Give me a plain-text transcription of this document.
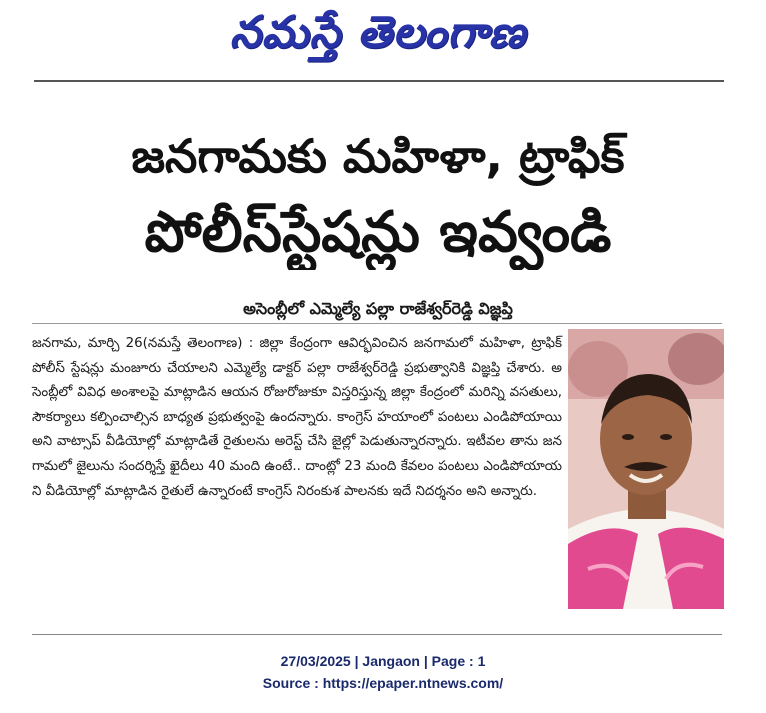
నమస్తే తెలంగాణ
జనగామకు మహిళా, ట్రాఫిక్
పోలీస్‌స్టేషన్లు ఇవ్వండి
అసెంబ్లీలో ఎమ్మెల్యే పల్లా రాజేశ్వర్‌రెడ్డి విజ్ఞప్తి
జనగామ, మార్చి 26(నమస్తే తెలంగాణ) : జిల్లా కేంద్రంగా ఆవిర్భవించిన జనగామలో మహిళా, ట్రాఫిక్ పోలీస్ స్టేషన్లు మంజూరు చేయాలని ఎమ్మెల్యే డాక్టర్ పల్లా రాజేశ్వర్‌రెడ్డి ప్రభుత్వానికి విజ్ఞప్తి చేశారు. అసెంబ్లీలో వివిధ అంశాలపై మాట్లాడిన ఆయన రోజురోజుకూ విస్తరిస్తున్న జిల్లా కేంద్రంలో మరిన్ని వసతులు, సౌకర్యాలు కల్పించాల్సిన బాధ్యత ప్రభుత్వంపై ఉందన్నారు. కాంగ్రెస్ హయాంలో పంటలు ఎండిపోయాయి అని వాట్సాప్ వీడియోల్లో మాట్లాడితే రైతులను అరెస్ట్ చేసి జైల్లో పెడుతున్నారన్నారు. ఇటీవల తాను జనగామలో జైలును సందర్శిస్తే ఖైదీలు 40 మంది ఉంటే.. దాంట్లో 23 మంది కేవలం పంటలు ఎండిపోయాయని వీడియోల్లో మాట్లాడిన రైతులే ఉన్నారంటే కాంగ్రెస్ నిరంకుశ పాలనకు ఇదే నిదర్శనం అని అన్నారు.
27/03/2025 | Jangaon | Page : 1
Source : https://epaper.ntnews.com/
